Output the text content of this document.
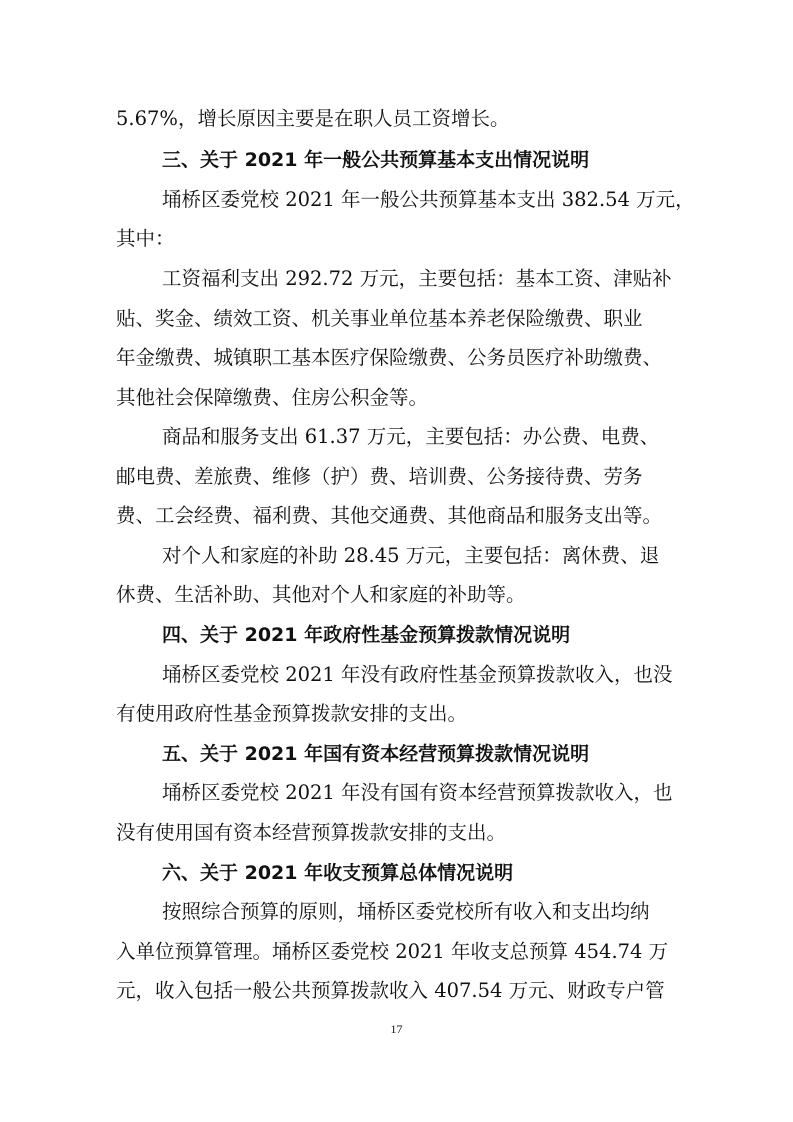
5.67%，增长原因主要是在职人员工资增长。
三、关于 2021 年一般公共预算基本支出情况说明
埇桥区委党校 2021 年一般公共预算基本支出 382.54 万元，
其中：
工资福利支出 292.72 万元，主要包括：基本工资、津贴补
贴、奖金、绩效工资、机关事业单位基本养老保险缴费、职业
年金缴费、城镇职工基本医疗保险缴费、公务员医疗补助缴费、
其他社会保障缴费、住房公积金等。
商品和服务支出 61.37 万元，主要包括：办公费、电费、
邮电费、差旅费、维修（护）费、培训费、公务接待费、劳务
费、工会经费、福利费、其他交通费、其他商品和服务支出等。
对个人和家庭的补助 28.45 万元，主要包括：离休费、退
休费、生活补助、其他对个人和家庭的补助等。
四、关于 2021 年政府性基金预算拨款情况说明
埇桥区委党校 2021 年没有政府性基金预算拨款收入，也没
有使用政府性基金预算拨款安排的支出。
五、关于 2021 年国有资本经营预算拨款情况说明
埇桥区委党校 2021 年没有国有资本经营预算拨款收入，也
没有使用国有资本经营预算拨款安排的支出。
六、关于 2021 年收支预算总体情况说明
按照综合预算的原则，埇桥区委党校所有收入和支出均纳
入单位预算管理。埇桥区委党校 2021 年收支总预算 454.74 万
元，收入包括一般公共预算拨款收入 407.54 万元、财政专户管
17
